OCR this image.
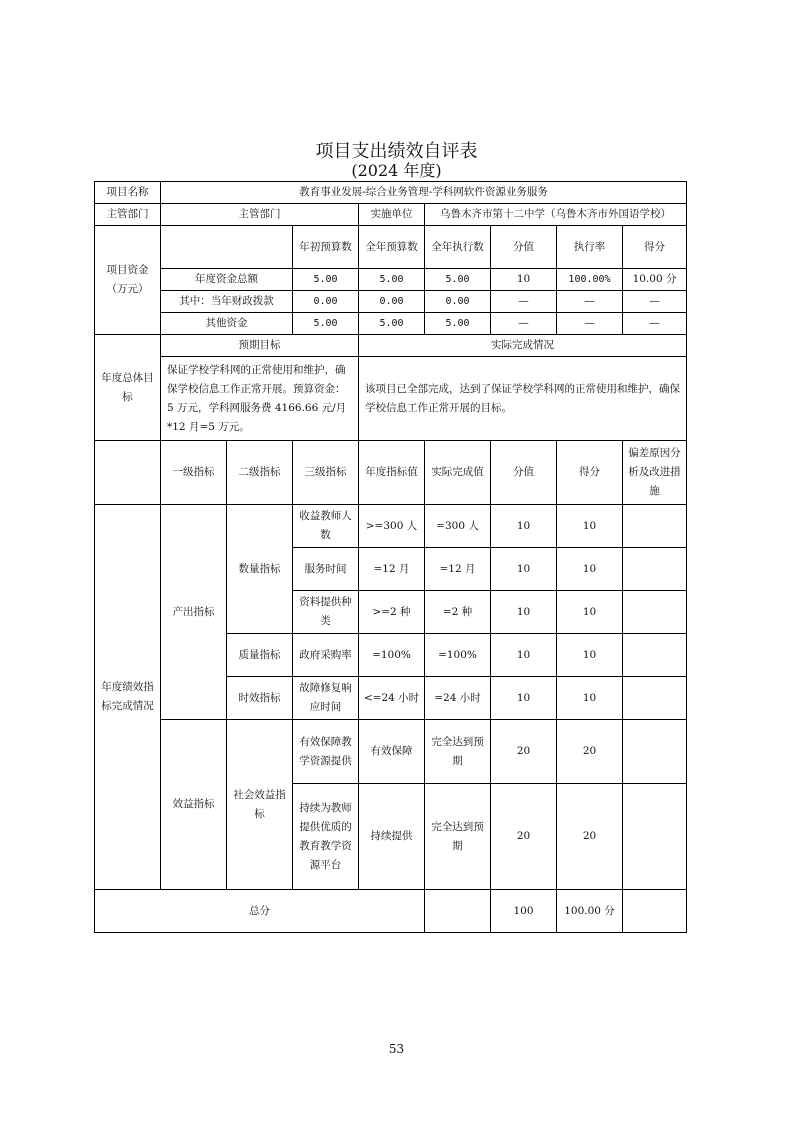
项目支出绩效自评表
(2024 年度)
项目名称	教育事业发展-综合业务管理-学科网软件资源业务服务							
主管部门	主管部门			实施单位	乌鲁木齐市第十二中学（乌鲁木齐市外国语学校）			
项目资金
（万元）			年初预算数	全年预算数	全年执行数	分值	执行率	得分
	年度资金总额		5.00	5.00	5.00	10	100.00%	10.00 分
	其中：当年财政拨款		0.00	0.00	0.00	—	—	—
	其他资金		5.00	5.00	5.00	—	—	—
年度总体目标	预期目标			实际完成情况				
	保证学校学科网的正常使用和维护，确保学校信息工作正常开展。预算资金：5 万元，学科网服务费 4166.66 元/月*12 月=5 万元。			该项目已全部完成，达到了保证学校学科网的正常使用和维护，确保学校信息工作正常开展的目标。				
	一级指标	二级指标	三级指标	年度指标值	实际完成值	分值	得分	偏差原因分析及改进措施
年度绩效指标完成情况	产出指标	数量指标	收益教师人数	>=300 人	=300 人	10	10	
			服务时间	=12 月	=12 月	10	10	
			资料提供种类	>=2 种	=2 种	10	10	
		质量指标	政府采购率	=100%	=100%	10	10	
		时效指标	故障修复响应时间	<=24 小时	=24 小时	10	10	
	效益指标	社会效益指标	有效保障教学资源提供	有效保障	完全达到预期	20	20	
			持续为教师提供优质的教育教学资源平台	持续提供	完全达到预期	20	20	
总分						100	100.00 分	
53
